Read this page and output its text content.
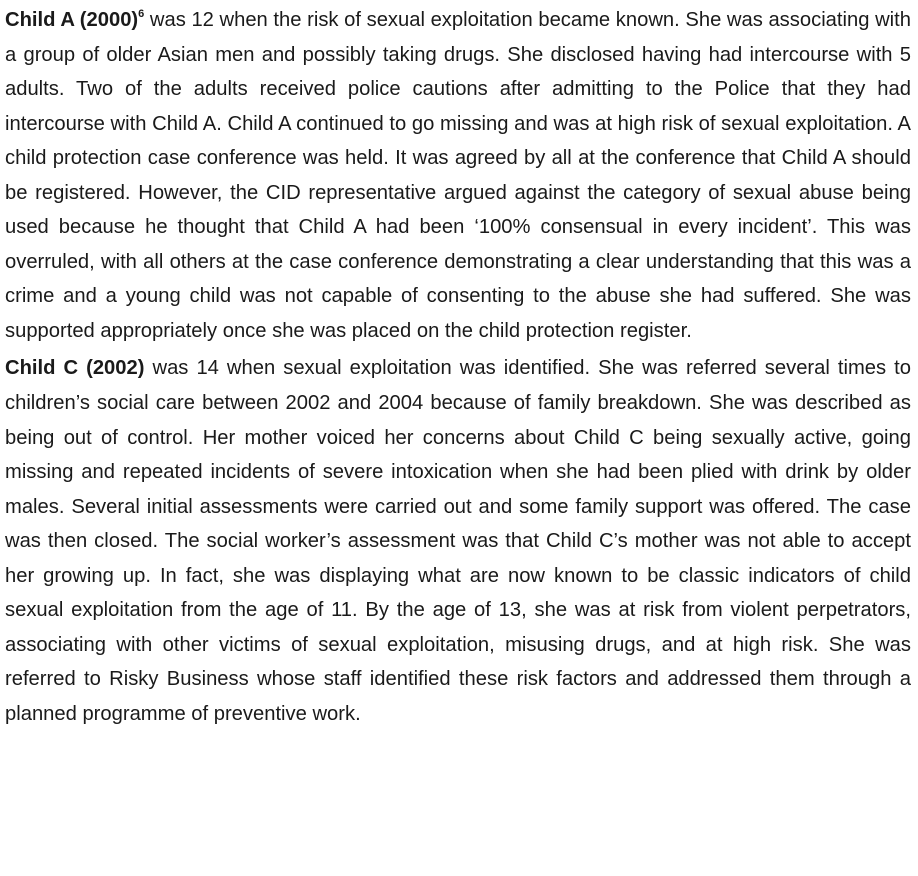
Child A (2000)$^6$ was 12 when the risk of sexual exploitation became known. She was associating with a group of older Asian men and possibly taking drugs. She disclosed having had intercourse with 5 adults. Two of the adults received police cautions after admitting to the Police that they had intercourse with Child A. Child A continued to go missing and was at high risk of sexual exploitation. A child protection case conference was held. It was agreed by all at the conference that Child A should be registered. However, the CID representative argued against the category of sexual abuse being used because he thought that Child A had been ‘100% consensual in every incident’. This was overruled, with all others at the case conference demonstrating a clear understanding that this was a crime and a young child was not capable of consenting to the abuse she had suffered. She was supported appropriately once she was placed on the child protection register.

Child C (2002) was 14 when sexual exploitation was identified. She was referred several times to children’s social care between 2002 and 2004 because of family breakdown. She was described as being out of control. Her mother voiced her concerns about Child C being sexually active, going missing and repeated incidents of severe intoxication when she had been plied with drink by older males. Several initial assessments were carried out and some family support was offered. The case was then closed. The social worker’s assessment was that Child C’s mother was not able to accept her growing up. In fact, she was displaying what are now known to be classic indicators of child sexual exploitation from the age of 11. By the age of 13, she was at risk from violent perpetrators, associating with other victims of sexual exploitation, misusing drugs, and at high risk. She was referred to Risky Business whose staff identified these risk factors and addressed them through a planned programme of preventive work.
